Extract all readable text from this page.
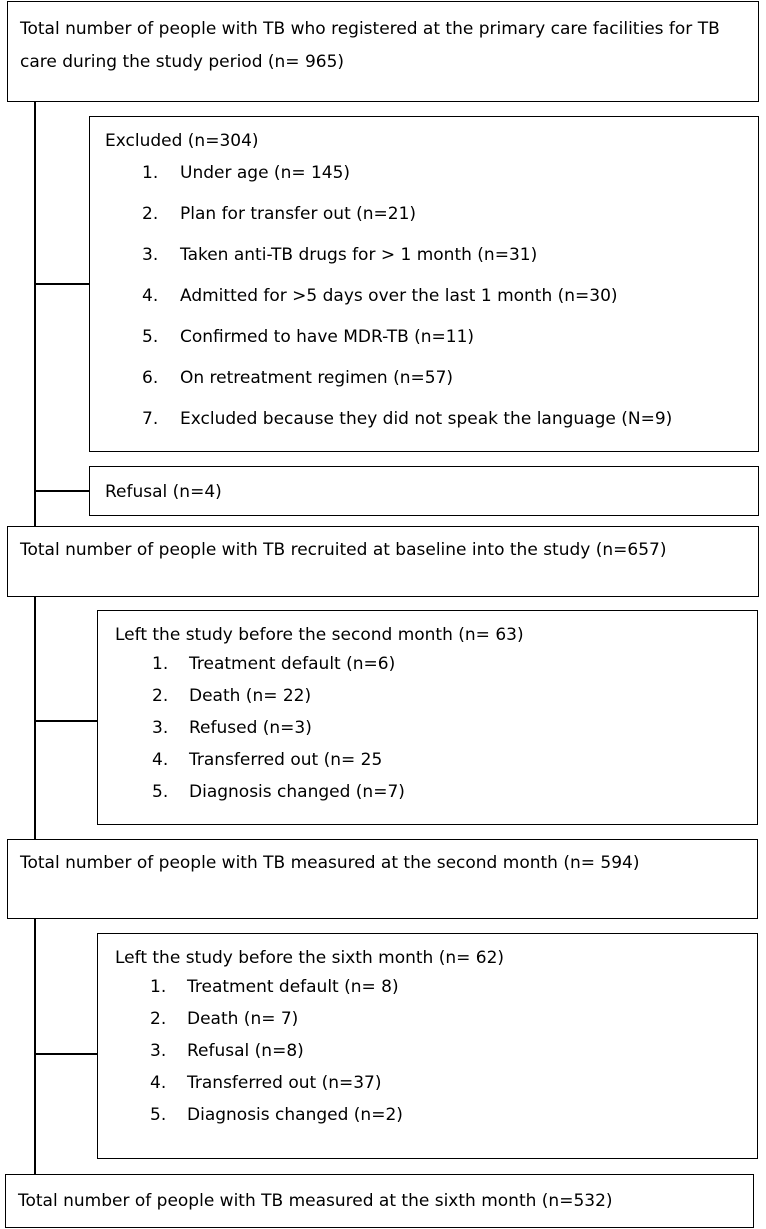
Total number of people with TB who registered at the primary care facilities for TB care during the study period (n= 965)
Excluded (n=304)
1. Under age (n= 145)
2. Plan for transfer out (n=21)
3. Taken anti-TB drugs for > 1 month (n=31)
4. Admitted for >5 days over the last 1 month (n=30)
5. Confirmed to have MDR-TB (n=11)
6. On retreatment regimen (n=57)
7. Excluded because they did not speak the language (N=9)
Refusal (n=4)
Total number of people with TB recruited at baseline into the study (n=657)
Left the study before the second month (n= 63)
1. Treatment default (n=6)
2. Death (n= 22)
3. Refused (n=3)
4. Transferred out (n= 25
5. Diagnosis changed (n=7)
Total number of people with TB measured at the second month (n= 594)
Left the study before the sixth month (n= 62)
1. Treatment default (n= 8)
2. Death (n= 7)
3. Refusal (n=8)
4. Transferred out (n=37)
5. Diagnosis changed (n=2)
Total number of people with TB measured at the sixth month (n=532)
